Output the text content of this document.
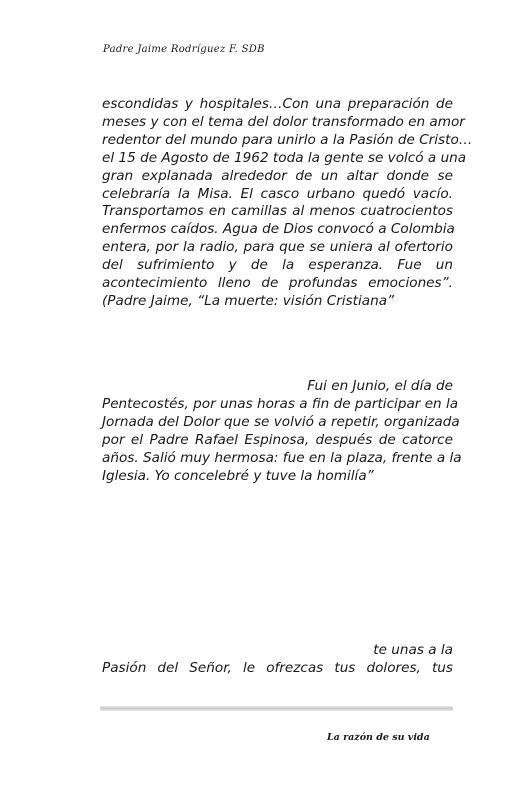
Padre Jaime Rodríguez F. SDB
escondidas y hospitales…Con una preparación de
meses y con el tema del dolor transformado en amor
redentor del mundo para unirlo a la Pasión de Cristo…
el 15 de Agosto de 1962 toda la gente se volcó a una
gran explanada alrededor de un altar donde se
celebraría la Misa. El casco urbano quedó vacío.
Transportamos en camillas al menos cuatrocientos
enfermos caídos. Agua de Dios convocó a Colombia
entera, por la radio, para que se uniera al ofertorio
del sufrimiento y de la esperanza. Fue un
acontecimiento lleno de profundas emociones”.
(Padre Jaime, “La muerte: visión Cristiana”
Fui en Junio, el día de
Pentecostés, por unas horas a fin de participar en la
Jornada del Dolor que se volvió a repetir, organizada
por el Padre Rafael Espinosa, después de catorce
años. Salió muy hermosa: fue en la plaza, frente a la
Iglesia. Yo concelebré y tuve la homilía”
te unas a la
Pasión del Señor, le ofrezcas tus dolores, tus
La razón de su vida
